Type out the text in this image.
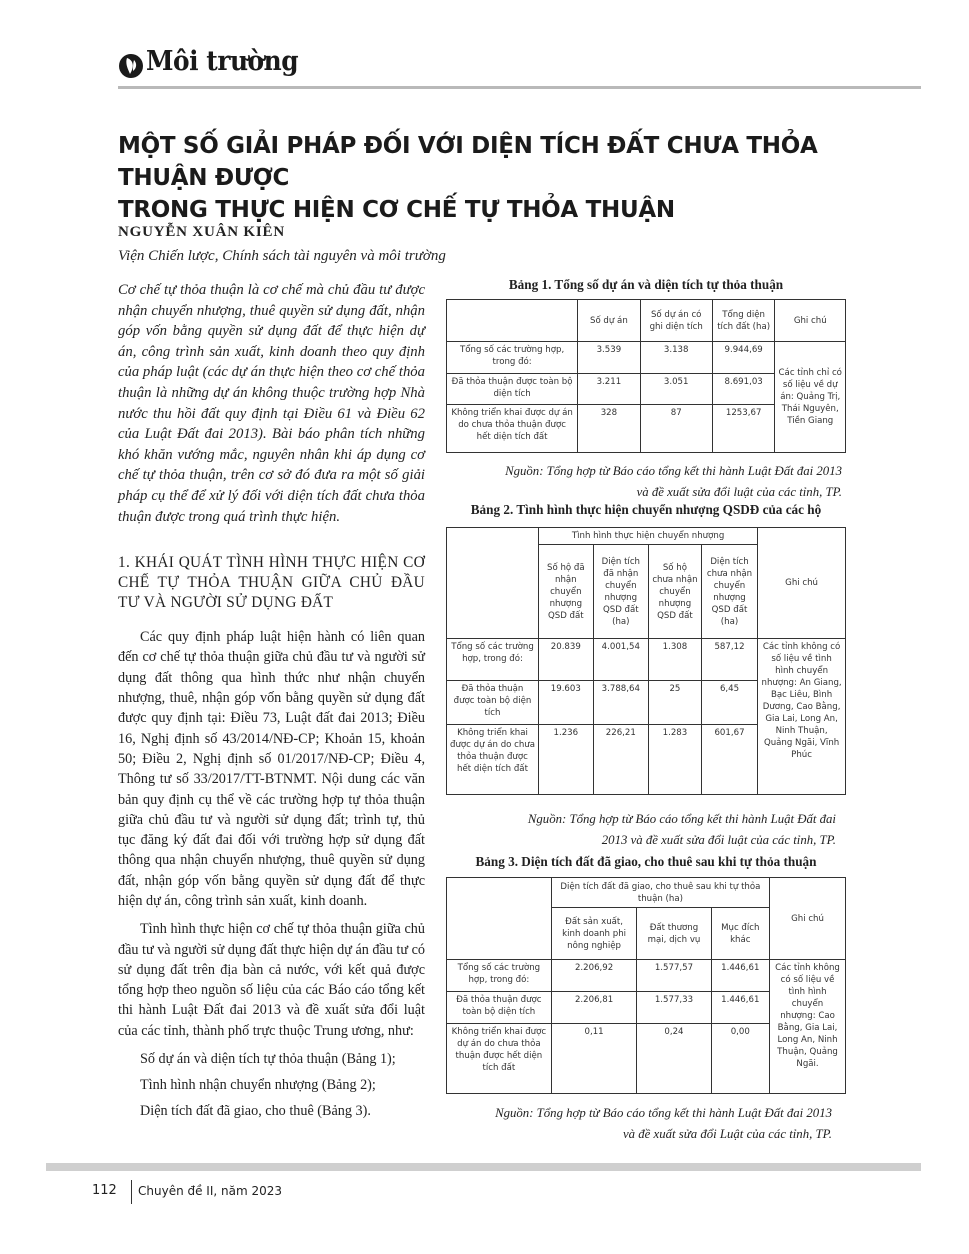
Môi trường
MỘT SỐ GIẢI PHÁP ĐỐI VỚI DIỆN TÍCH ĐẤT CHƯA THỎA THUẬN ĐƯỢC
TRONG THỰC HIỆN CƠ CHẾ TỰ THỎA THUẬN
NGUYỄN XUÂN KIÊN
Viện Chiến lược, Chính sách tài nguyên và môi trường

Cơ chế tự thỏa thuận là cơ chế mà chủ đầu tư được nhận chuyển nhượng, thuê quyền sử dụng đất, nhận góp vốn bằng quyền sử dụng đất để thực hiện dự án, công trình sản xuất, kinh doanh theo quy định của pháp luật (các dự án thực hiện theo cơ chế thỏa thuận là những dự án không thuộc trường hợp Nhà nước thu hồi đất quy định tại Điều 61 và Điều 62 của Luật Đất đai 2013). Bài báo phân tích những khó khăn vướng mắc, nguyên nhân khi áp dụng cơ chế tự thỏa thuận, trên cơ sở đó đưa ra một số giải pháp cụ thể để xử lý đối với diện tích đất chưa thỏa thuận được trong quá trình thực hiện.

1. KHÁI QUÁT TÌNH HÌNH THỰC HIỆN CƠ CHẾ TỰ THỎA THUẬN GIỮA CHỦ ĐẦU TƯ VÀ NGƯỜI SỬ DỤNG ĐẤT

Các quy định pháp luật hiện hành có liên quan đến cơ chế tự thỏa thuận giữa chủ đầu tư và người sử dụng đất thông qua hình thức như nhận chuyển nhượng, thuê, nhận góp vốn bằng quyền sử dụng đất được quy định tại: Điều 73, Luật đất đai 2013; Điều 16, Nghị định số 43/2014/NĐ-CP; Khoản 15, khoản 50; Điều 2, Nghị định số 01/2017/NĐ-CP; Điều 4, Thông tư số 33/2017/TT-BTNMT. Nội dung các văn bản quy định cụ thể về các trường hợp tự thỏa thuận giữa chủ đầu tư và người sử dụng đất; trình tự, thủ tục đăng ký đất đai đối với trường hợp sử dụng đất thông qua nhận chuyển nhượng, thuê quyền sử dụng đất, nhận góp vốn bằng quyền sử dụng đất để thực hiện dự án, công trình sản xuất, kinh doanh.

Tình hình thực hiện cơ chế tự thỏa thuận giữa chủ đầu tư và người sử dụng đất thực hiện dự án đầu tư có sử dụng đất trên địa bàn cả nước, với kết quả được tổng hợp theo nguồn số liệu của các Báo cáo tổng kết thi hành Luật Đất đai 2013 và đề xuất sửa đổi luật của các tỉnh, thành phố trực thuộc Trung ương, như:

Số dự án và diện tích tự thỏa thuận (Bảng 1);

Tình hình nhận chuyển nhượng (Bảng 2);

Diện tích đất đã giao, cho thuê (Bảng 3).

Bảng 1. Tổng số dự án và diện tích tự thỏa thuận
	Số dự án	Số dự án có ghi diện tích	Tổng diện tích đất (ha)	Ghi chú
Tổng số các trường hợp, trong đó:	3.539	3.138	9.944,69	Các tỉnh chỉ có số liệu về dự án: Quảng Trị, Thái Nguyên, Tiền Giang
Đã thỏa thuận được toàn bộ diện tích	3.211	3.051	8.691,03	
Không triển khai được dự án do chưa thỏa thuận được hết diện tích đất	328	87	1253,67	
Nguồn: Tổng hợp từ Báo cáo tổng kết thi hành Luật Đất đai 2013
và đề xuất sửa đổi luật của các tỉnh, TP.
Bảng 2. Tình hình thực hiện chuyển nhượng QSDĐ của các hộ
	Tình hình thực hiện chuyển nhượng				Ghi chú
	Số hộ đã nhận chuyển nhượng QSD đất	Diện tích đã nhận chuyển nhượng QSD đất (ha)	Số hộ chưa nhận chuyển nhượng QSD đất	Diện tích chưa nhận chuyển nhượng QSD đất (ha)	
Tổng số các trường hợp, trong đó:	20.839	4.001,54	1.308	587,12	Các tỉnh không có số liệu về tình hình chuyển nhượng: An Giang, Bạc Liêu, Bình Dương, Cao Bằng, Gia Lai, Long An, Ninh Thuận, Quảng Ngãi, Vĩnh Phúc
Đã thỏa thuận được toàn bộ diện tích	19.603	3.788,64	25	6,45	
Không triển khai được dự án do chưa thỏa thuận được hết diện tích đất	1.236	226,21	1.283	601,67	
Nguồn: Tổng hợp từ Báo cáo tổng kết thi hành Luật Đất đai
2013 và đề xuất sửa đổi luật của các tỉnh, TP.
Bảng 3. Diện tích đất đã giao, cho thuê sau khi tự thỏa thuận
	Diện tích đất đã giao, cho thuê sau khi tự thỏa thuận (ha)			Ghi chú
	Đất sản xuất, kinh doanh phi nông nghiệp	Đất thương mại, dịch vụ	Mục đích khác	
Tổng số các trường hợp, trong đó:	2.206,92	1.577,57	1.446,61	Các tỉnh không có số liệu về tình hình chuyển nhượng: Cao Bằng, Gia Lai, Long An, Ninh Thuận, Quảng Ngãi.
Đã thỏa thuận được toàn bộ diện tích	2.206,81	1.577,33	1.446,61	
Không triển khai được dự án do chưa thỏa thuận được hết diện tích đất	0,11	0,24	0,00	
Nguồn: Tổng hợp từ Báo cáo tổng kết thi hành Luật Đất đai 2013
và đề xuất sửa đổi Luật của các tỉnh, TP.
112 Chuyên đề II, năm 2023
